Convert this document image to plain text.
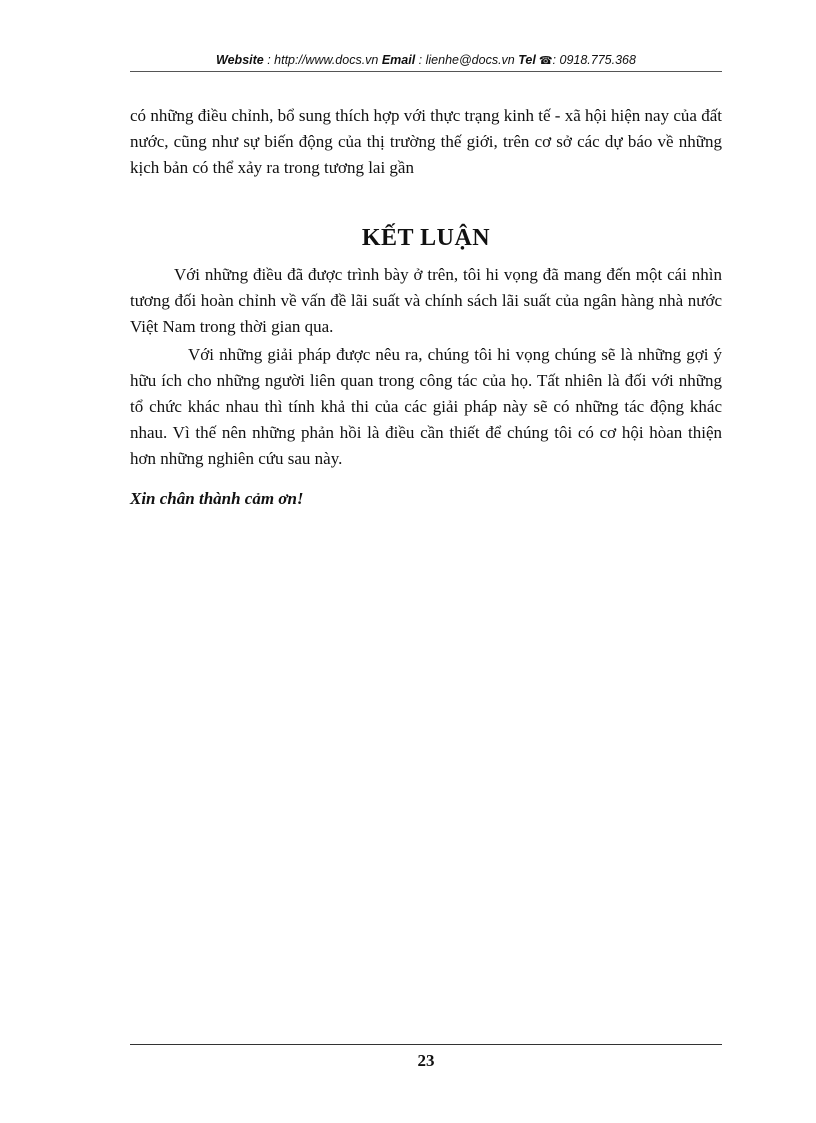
Website : http://www.docs.vn Email : lienhe@docs.vn Tel ☎: 0918.775.368

có những điều chỉnh, bổ sung thích hợp với thực trạng kinh tế - xã hội hiện nay của đất nước, cũng như sự biến động của thị trường thế giới, trên cơ sở các dự báo về những kịch bản có thể xảy ra trong tương lai gần

KẾT LUẬN

Với những điều đã được trình bày ở trên, tôi hi vọng đã mang đến một cái nhìn tương đối hoàn chỉnh về vấn đề lãi suất và chính sách lãi suất của ngân hàng nhà nước Việt Nam trong thời gian qua.

Với những giải pháp được nêu ra, chúng tôi hi vọng chúng sẽ là những gợi ý hữu ích cho những người liên quan trong công tác của họ. Tất nhiên là đối với những tổ chức khác nhau thì tính khả thi của các giải pháp này sẽ có những tác động khác nhau. Vì thế nên những phản hồi là điều cần thiết để chúng tôi có cơ hội hòan thiện hơn những nghiên cứu sau này.

Xin chân thành cảm ơn!

23
